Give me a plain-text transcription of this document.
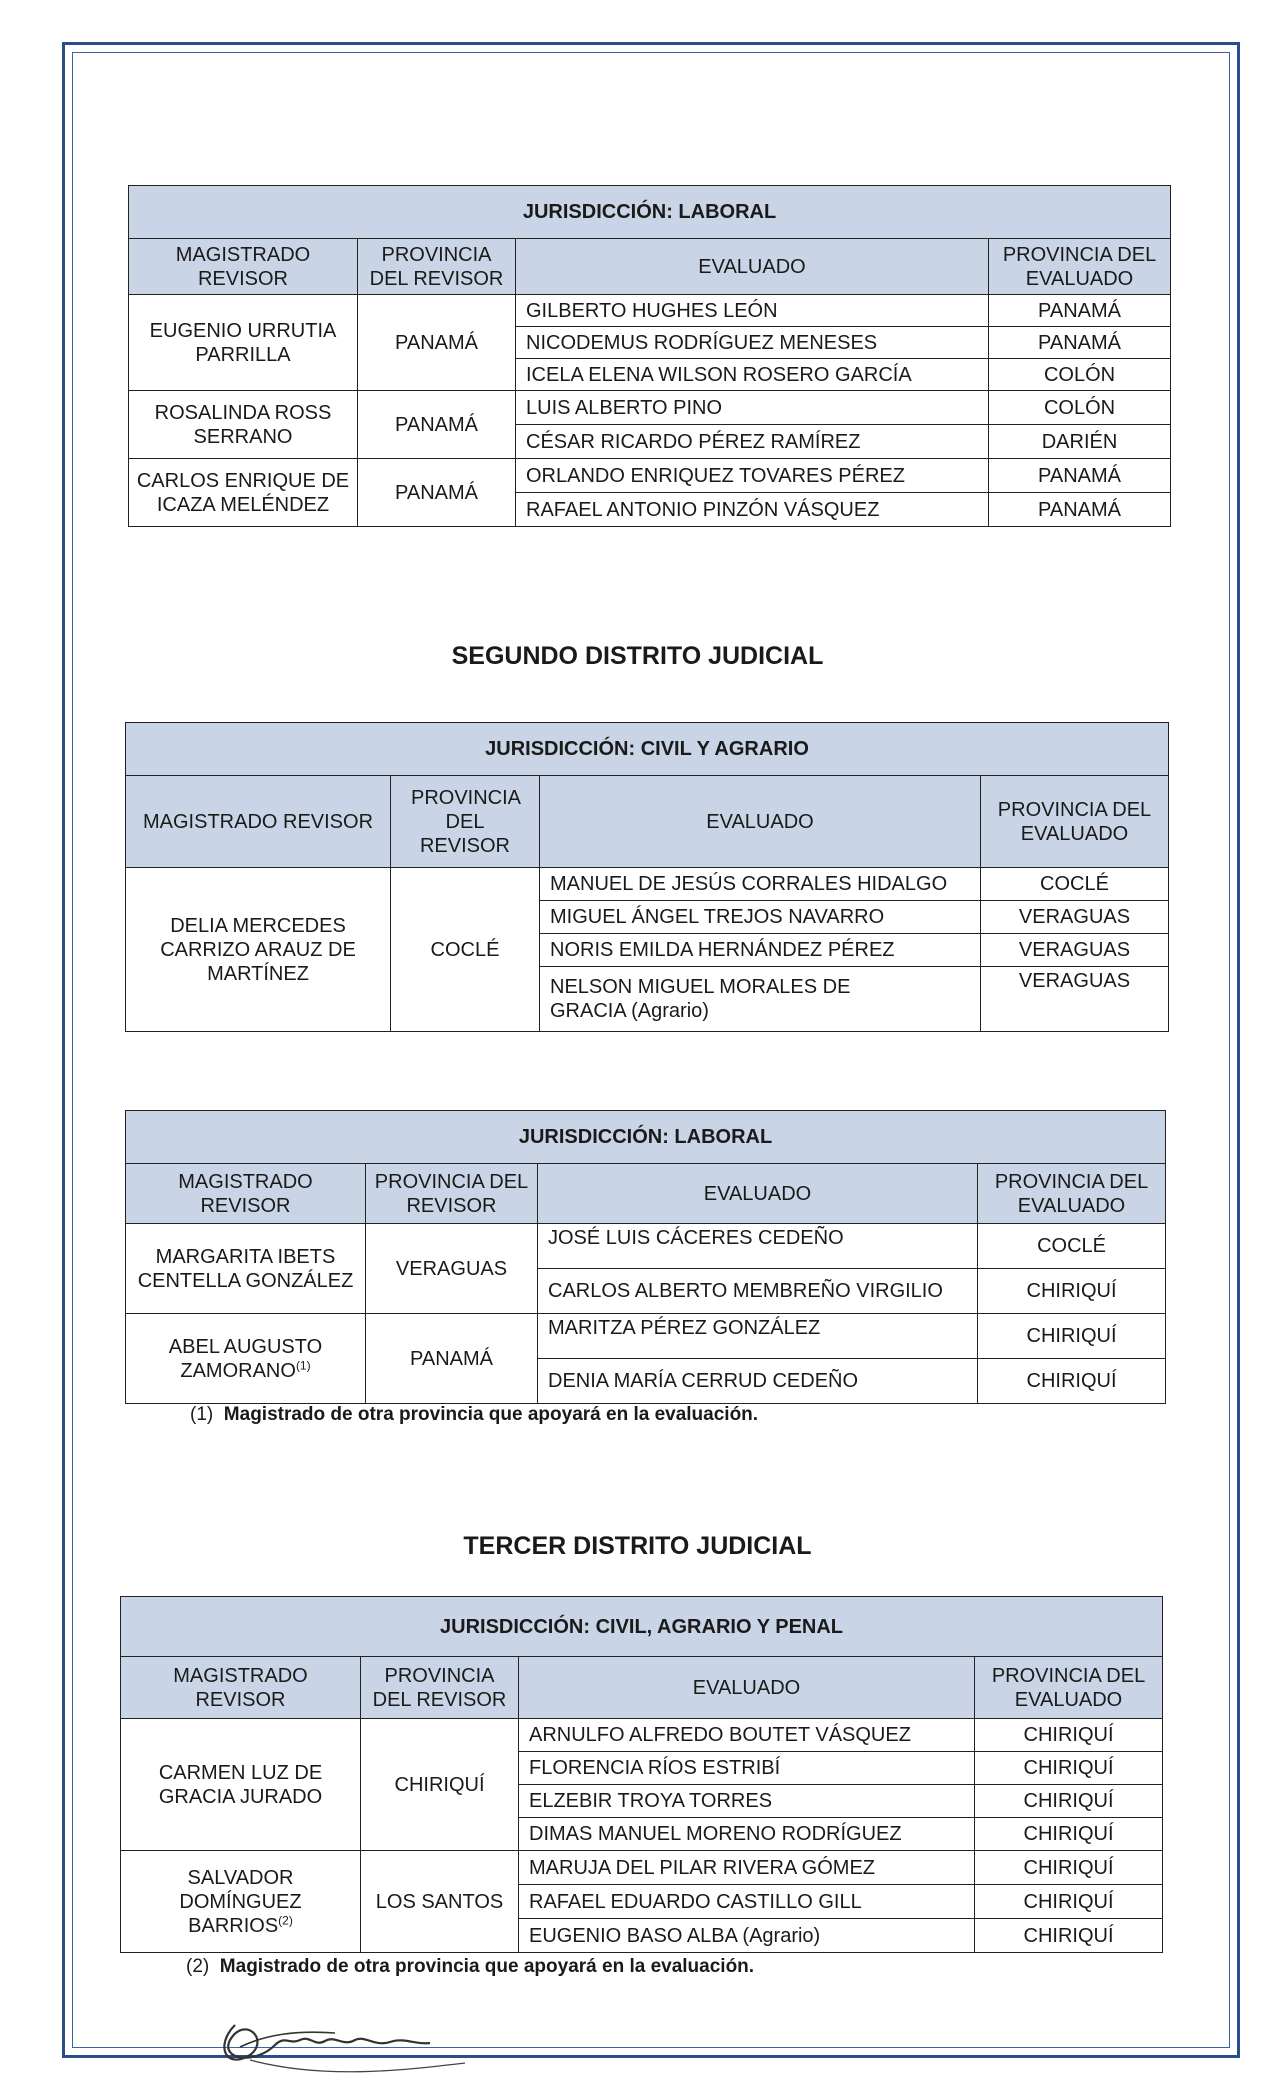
JURISDICCIÓN: LABORAL			
MAGISTRADO REVISOR	PROVINCIA DEL REVISOR	EVALUADO	PROVINCIA DEL EVALUADO
EUGENIO URRUTIA PARRILLA	PANAMÁ	GILBERTO HUGHES LEÓN	PANAMÁ
		NICODEMUS RODRÍGUEZ MENESES	PANAMÁ
		ICELA ELENA WILSON ROSERO GARCÍA	COLÓN
ROSALINDA ROSS SERRANO	PANAMÁ	LUIS ALBERTO PINO	COLÓN
		CÉSAR RICARDO PÉREZ RAMÍREZ	DARIÉN
CARLOS ENRIQUE DE ICAZA MELÉNDEZ	PANAMÁ	ORLANDO ENRIQUEZ TOVARES PÉREZ	PANAMÁ
		RAFAEL ANTONIO PINZÓN VÁSQUEZ	PANAMÁ

SEGUNDO DISTRITO JUDICIAL

JURISDICCIÓN: CIVIL Y AGRARIO			
MAGISTRADO REVISOR	PROVINCIA DEL REVISOR	EVALUADO	PROVINCIA DEL EVALUADO
DELIA MERCEDES CARRIZO ARAUZ DE MARTÍNEZ	COCLÉ	MANUEL DE JESÚS CORRALES HIDALGO	COCLÉ
		MIGUEL ÁNGEL TREJOS NAVARRO	VERAGUAS
		NORIS EMILDA HERNÁNDEZ PÉREZ	VERAGUAS
		NELSON MIGUEL MORALES DE GRACIA (Agrario)	VERAGUAS
JURISDICCIÓN: LABORAL			
MAGISTRADO REVISOR	PROVINCIA DEL REVISOR	EVALUADO	PROVINCIA DEL EVALUADO
MARGARITA IBETS CENTELLA GONZÁLEZ	VERAGUAS	JOSÉ LUIS CÁCERES CEDEÑO	COCLÉ
		CARLOS ALBERTO MEMBREÑO VIRGILIO	CHIRIQUÍ
ABEL AUGUSTO ZAMORANO$^{(1)}$	PANAMÁ	MARITZA PÉREZ GONZÁLEZ	CHIRIQUÍ
		DENIA MARÍA CERRUD CEDEÑO	CHIRIQUÍ

(1) Magistrado de otra provincia que apoyará en la evaluación.

TERCER DISTRITO JUDICIAL

JURISDICCIÓN: CIVIL, AGRARIO Y PENAL			
MAGISTRADO REVISOR	PROVINCIA DEL REVISOR	EVALUADO	PROVINCIA DEL EVALUADO
CARMEN LUZ DE GRACIA JURADO	CHIRIQUÍ	ARNULFO ALFREDO BOUTET VÁSQUEZ	CHIRIQUÍ
		FLORENCIA RÍOS ESTRIBÍ	CHIRIQUÍ
		ELZEBIR TROYA TORRES	CHIRIQUÍ
		DIMAS MANUEL MORENO RODRÍGUEZ	CHIRIQUÍ
SALVADOR DOMÍNGUEZ BARRIOS$^{(2)}$	LOS SANTOS	MARUJA DEL PILAR RIVERA GÓMEZ	CHIRIQUÍ
		RAFAEL EDUARDO CASTILLO GILL	CHIRIQUÍ
		EUGENIO BASO ALBA (Agrario)	CHIRIQUÍ

(2) Magistrado de otra provincia que apoyará en la evaluación.
